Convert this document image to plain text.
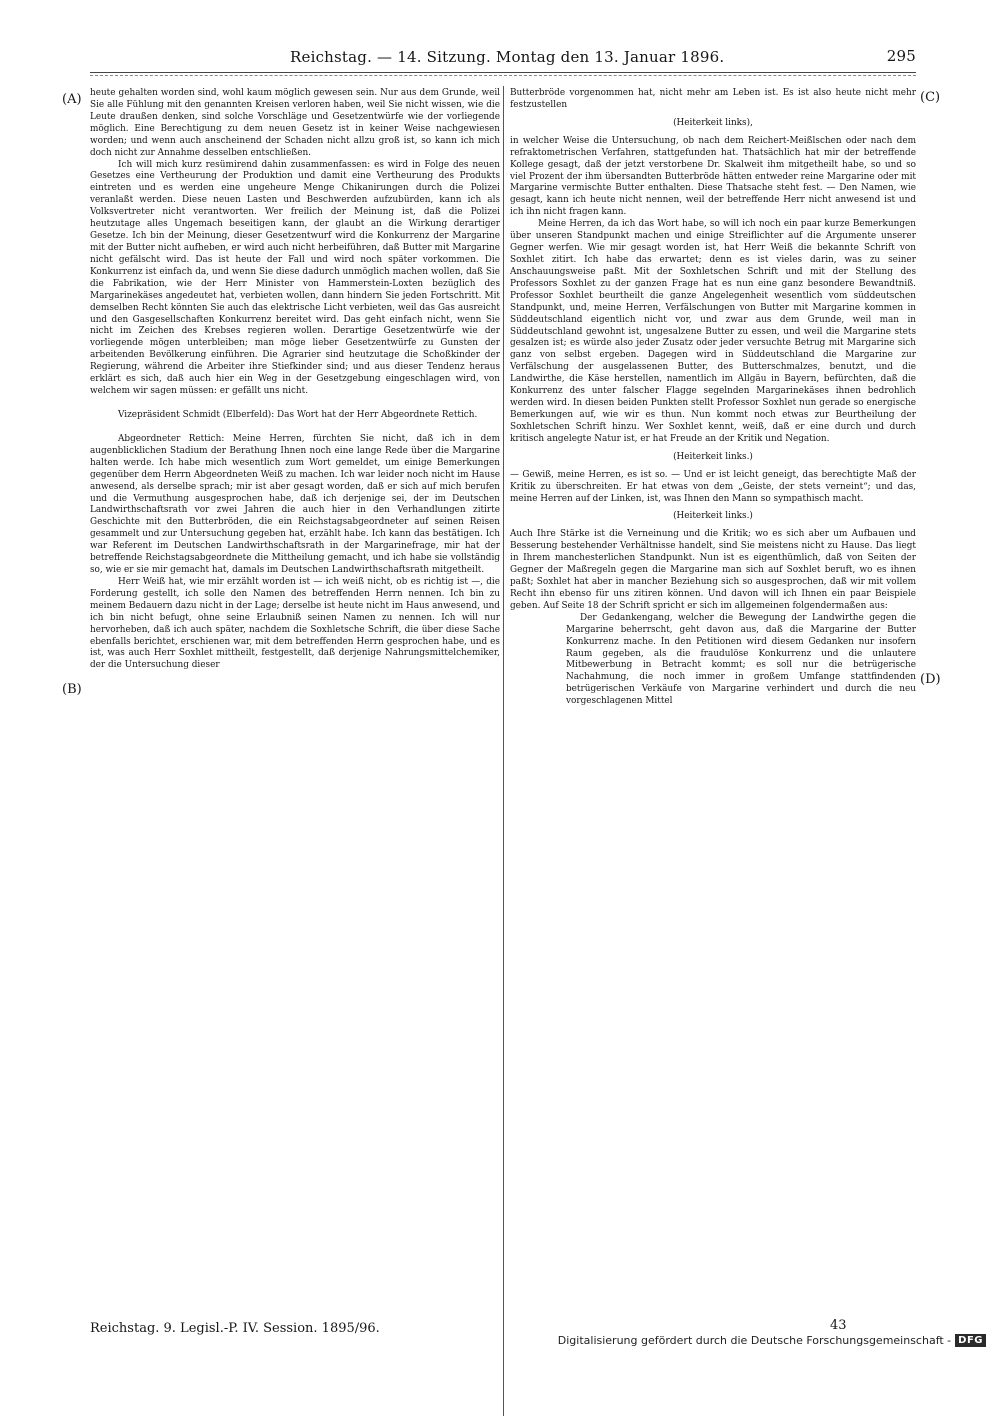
Reichstag. — 14. Sitzung. Montag den 13. Januar 1896.	295
(A)
(B)
(C)
(D)

heute gehalten worden sind, wohl kaum möglich gewesen sein. Nur aus dem Grunde, weil Sie alle Fühlung mit den genannten Kreisen verloren haben, weil Sie nicht wissen, wie die Leute draußen denken, sind solche Vorschläge und Gesetzentwürfe wie der vorliegende möglich. Eine Berechtigung zu dem neuen Gesetz ist in keiner Weise nachgewiesen worden; und wenn auch anscheinend der Schaden nicht allzu groß ist, so kann ich mich doch nicht zur Annahme desselben entschließen.

Ich will mich kurz resümirend dahin zusammenfassen: es wird in Folge des neuen Gesetzes eine Vertheurung der Produktion und damit eine Vertheurung des Produkts eintreten und es werden eine ungeheure Menge Chikanirungen durch die Polizei veranlaßt werden. Diese neuen Lasten und Beschwerden aufzubürden, kann ich als Volksvertreter nicht verantworten. Wer freilich der Meinung ist, daß die Polizei heutzutage alles Ungemach beseitigen kann, der glaubt an die Wirkung derartiger Gesetze. Ich bin der Meinung, dieser Gesetzentwurf wird die Konkurrenz der Margarine mit der Butter nicht aufheben, er wird auch nicht herbeiführen, daß Butter mit Margarine nicht gefälscht wird. Das ist heute der Fall und wird noch später vorkommen. Die Konkurrenz ist einfach da, und wenn Sie diese dadurch unmöglich machen wollen, daß Sie die Fabrikation, wie der Herr Minister von Hammerstein-Loxten bezüglich des Margarinekäses angedeutet hat, verbieten wollen, dann hindern Sie jeden Fortschritt. Mit demselben Recht könnten Sie auch das elektrische Licht verbieten, weil das Gas ausreicht und den Gasgesellschaften Konkurrenz bereitet wird. Das geht einfach nicht, wenn Sie nicht im Zeichen des Krebses regieren wollen. Derartige Gesetzentwürfe wie der vorliegende mögen unterbleiben; man möge lieber Gesetzentwürfe zu Gunsten der arbeitenden Bevölkerung einführen. Die Agrarier sind heutzutage die Schoßkinder der Regierung, während die Arbeiter ihre Stiefkinder sind; und aus dieser Tendenz heraus erklärt es sich, daß auch hier ein Weg in der Gesetzgebung eingeschlagen wird, von welchem wir sagen müssen: er gefällt uns nicht.

Vizepräsident Schmidt (Elberfeld): Das Wort hat der Herr Abgeordnete Rettich.

Abgeordneter Rettich: Meine Herren, fürchten Sie nicht, daß ich in dem augenblicklichen Stadium der Berathung Ihnen noch eine lange Rede über die Margarine halten werde. Ich habe mich wesentlich zum Wort gemeldet, um einige Bemerkungen gegenüber dem Herrn Abgeordneten Weiß zu machen. Ich war leider noch nicht im Hause anwesend, als derselbe sprach; mir ist aber gesagt worden, daß er sich auf mich berufen und die Vermuthung ausgesprochen habe, daß ich derjenige sei, der im Deutschen Landwirthschaftsrath vor zwei Jahren die auch hier in den Verhandlungen zitirte Geschichte mit den Butterbröden, die ein Reichstagsabgeordneter auf seinen Reisen gesammelt und zur Untersuchung gegeben hat, erzählt habe. Ich kann das bestätigen. Ich war Referent im Deutschen Landwirthschaftsrath in der Margarinefrage, mir hat der betreffende Reichstagsabgeordnete die Mittheilung gemacht, und ich habe sie vollständig so, wie er sie mir gemacht hat, damals im Deutschen Landwirthschaftsrath mitgetheilt.

Herr Weiß hat, wie mir erzählt worden ist — ich weiß nicht, ob es richtig ist —, die Forderung gestellt, ich solle den Namen des betreffenden Herrn nennen. Ich bin zu meinem Bedauern dazu nicht in der Lage; derselbe ist heute nicht im Haus anwesend, und ich bin nicht befugt, ohne seine Erlaubniß seinen Namen zu nennen. Ich will nur hervorheben, daß ich auch später, nachdem die Soxhletsche Schrift, die über diese Sache ebenfalls berichtet, erschienen war, mit dem betreffenden Herrn gesprochen habe, und es ist, was auch Herr Soxhlet mittheilt, festgestellt, daß derjenige Nahrungsmittelchemiker, der die Untersuchung dieser

Butterbröde vorgenommen hat, nicht mehr am Leben ist. Es ist also heute nicht mehr festzustellen

(Heiterkeit links),

in welcher Weise die Untersuchung, ob nach dem Reichert-Meißlschen oder nach dem refraktometrischen Verfahren, stattgefunden hat. Thatsächlich hat mir der betreffende Kollege gesagt, daß der jetzt verstorbene Dr. Skalweit ihm mitgetheilt habe, so und so viel Prozent der ihm übersandten Butterbröde hätten entweder reine Margarine oder mit Margarine vermischte Butter enthalten. Diese Thatsache steht fest. — Den Namen, wie gesagt, kann ich heute nicht nennen, weil der betreffende Herr nicht anwesend ist und ich ihn nicht fragen kann.

Meine Herren, da ich das Wort habe, so will ich noch ein paar kurze Bemerkungen über unseren Standpunkt machen und einige Streiflichter auf die Argumente unserer Gegner werfen. Wie mir gesagt worden ist, hat Herr Weiß die bekannte Schrift von Soxhlet zitirt. Ich habe das erwartet; denn es ist vieles darin, was zu seiner Anschauungsweise paßt. Mit der Soxhletschen Schrift und mit der Stellung des Professors Soxhlet zu der ganzen Frage hat es nun eine ganz besondere Bewandtniß. Professor Soxhlet beurtheilt die ganze Angelegenheit wesentlich vom süddeutschen Standpunkt, und, meine Herren, Verfälschungen von Butter mit Margarine kommen in Süddeutschland eigentlich nicht vor, und zwar aus dem Grunde, weil man in Süddeutschland gewohnt ist, ungesalzene Butter zu essen, und weil die Margarine stets gesalzen ist; es würde also jeder Zusatz oder jeder versuchte Betrug mit Margarine sich ganz von selbst ergeben. Dagegen wird in Süddeutschland die Margarine zur Verfälschung der ausgelassenen Butter, des Butterschmalzes, benutzt, und die Landwirthe, die Käse herstellen, namentlich im Allgäu in Bayern, befürchten, daß die Konkurrenz des unter falscher Flagge segelnden Margarinekäses ihnen bedrohlich werden wird. In diesen beiden Punkten stellt Professor Soxhlet nun gerade so energische Bemerkungen auf, wie wir es thun. Nun kommt noch etwas zur Beurtheilung der Soxhletschen Schrift hinzu. Wer Soxhlet kennt, weiß, daß er eine durch und durch kritisch angelegte Natur ist, er hat Freude an der Kritik und Negation.

(Heiterkeit links.)

— Gewiß, meine Herren, es ist so. — Und er ist leicht geneigt, das berechtigte Maß der Kritik zu überschreiten. Er hat etwas von dem „Geiste, der stets verneint“; und das, meine Herren auf der Linken, ist, was Ihnen den Mann so sympathisch macht.

(Heiterkeit links.)

Auch Ihre Stärke ist die Verneinung und die Kritik; wo es sich aber um Aufbauen und Besserung bestehender Verhältnisse handelt, sind Sie meistens nicht zu Hause. Das liegt in Ihrem manchesterlichen Standpunkt. Nun ist es eigenthümlich, daß von Seiten der Gegner der Maßregeln gegen die Margarine man sich auf Soxhlet beruft, wo es ihnen paßt; Soxhlet hat aber in mancher Beziehung sich so ausgesprochen, daß wir mit vollem Recht ihn ebenso für uns zitiren können. Und davon will ich Ihnen ein paar Beispiele geben. Auf Seite 18 der Schrift spricht er sich im allgemeinen folgendermaßen aus:

Der Gedankengang, welcher die Bewegung der Landwirthe gegen die Margarine beherrscht, geht davon aus, daß die Margarine der Butter Konkurrenz mache. In den Petitionen wird diesem Gedanken nur insofern Raum gegeben, als die fraudulöse Konkurrenz und die unlautere Mitbewerbung in Betracht kommt; es soll nur die betrügerische Nachahmung, die noch immer in großem Umfange stattfindenden betrügerischen Verkäufe von Margarine verhindert und durch die neu vorgeschlagenen Mittel

Reichstag. 9. Legisl.-P. IV. Session. 1895/96.	43
Digitalisierung gefördert durch die Deutsche Forschungsgemeinschaft - DFG
